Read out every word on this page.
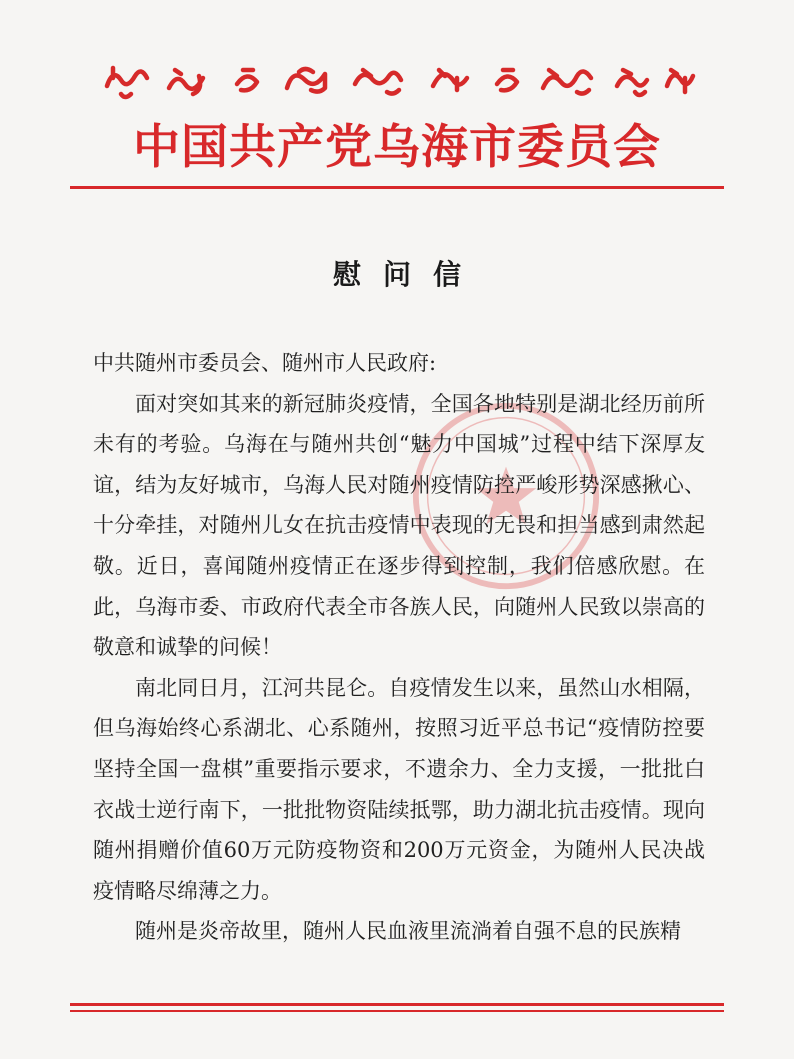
中国共产党乌海市委员会
慰问信

中共随州市委员会、随州市人民政府:

面对突如其来的新冠肺炎疫情，全国各地特别是湖北经历前所未有的考验。乌海在与随州共创“魅力中国城”过程中结下深厚友谊，结为友好城市，乌海人民对随州疫情防控严峻形势深感揪心、十分牵挂，对随州儿女在抗击疫情中表现的无畏和担当感到肃然起敬。近日，喜闻随州疫情正在逐步得到控制，我们倍感欣慰。在此，乌海市委、市政府代表全市各族人民，向随州人民致以崇高的敬意和诚挚的问候！

南北同日月，江河共昆仑。自疫情发生以来，虽然山水相隔，但乌海始终心系湖北、心系随州，按照习近平总书记“疫情防控要坚持全国一盘棋”重要指示要求，不遗余力、全力支援，一批批白衣战士逆行南下，一批批物资陆续抵鄂，助力湖北抗击疫情。现向随州捐赠价值60万元防疫物资和200万元资金，为随州人民决战疫情略尽绵薄之力。

随州是炎帝故里，随州人民血液里流淌着自强不息的民族精
